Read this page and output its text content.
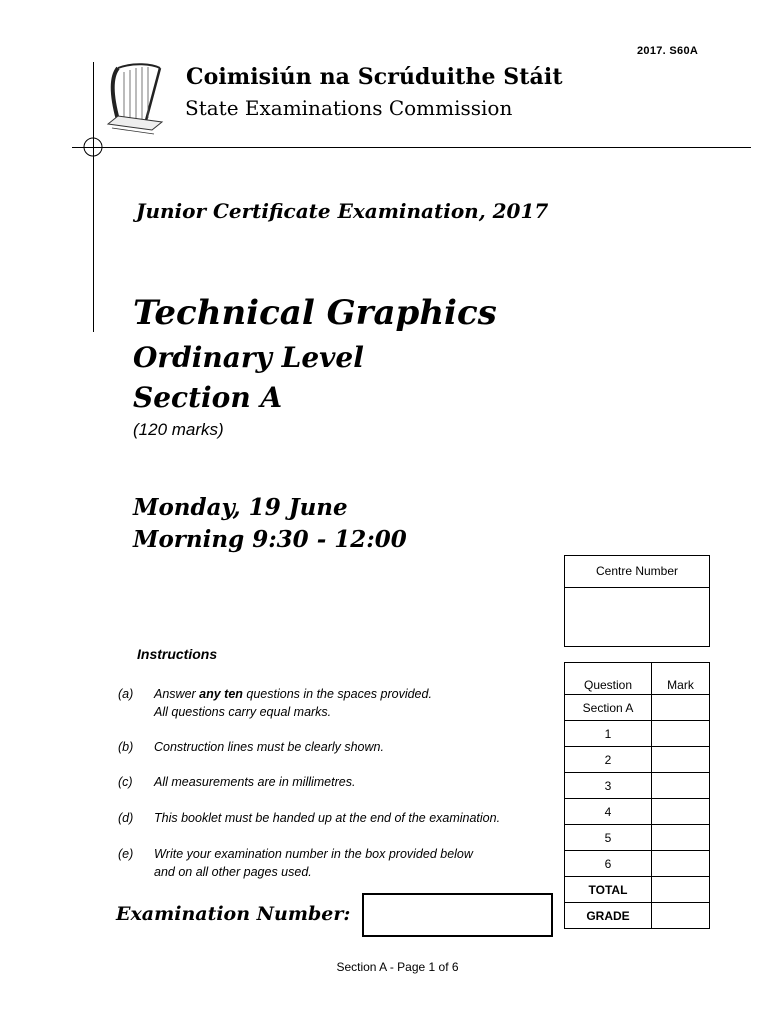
2017. S60A
Coimisiún na Scrúduithe Stáit
State Examinations Commission
Junior Certificate Examination, 2017
Technical Graphics
Ordinary Level
Section A
(120 marks)
Monday, 19 June
Morning 9:30 - 12:00
Centre Number
Instructions
(a)	Answer any ten questions in the spaces provided.
All questions carry equal marks.
(b)	Construction lines must be clearly shown.
(c)	All measurements are in millimetres.
(d)	This booklet must be handed up at the end of the examination.
(e)	Write your examination number in the box provided below
and on all other pages used.
Examination Number:
Question	Mark
Section A	
1	
2	
3	
4	
5	
6	
TOTAL	
GRADE	
Section A - Page 1 of 6
